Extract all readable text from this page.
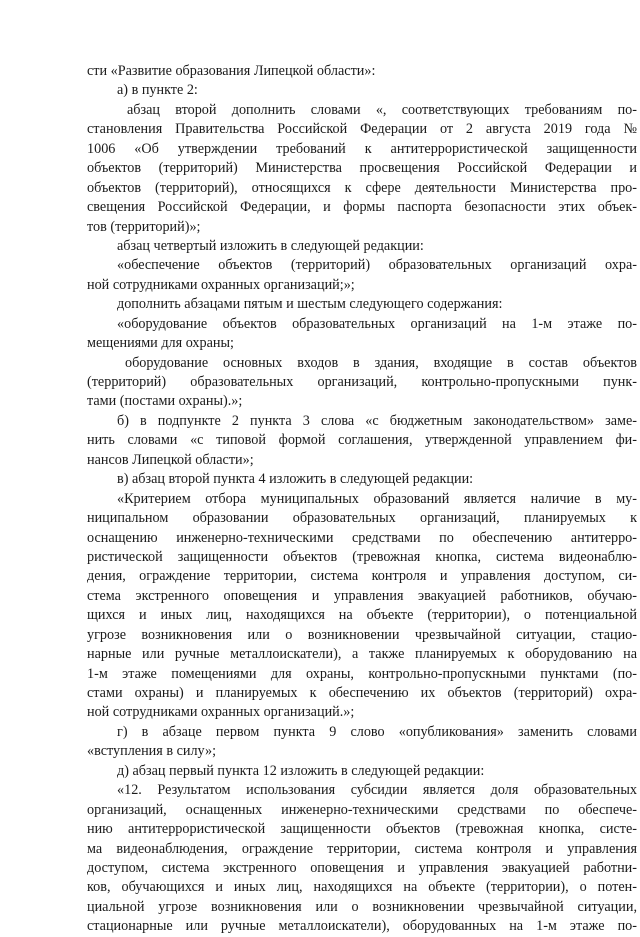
сти «Развитие образования Липецкой области»:
а) в пункте 2:
абзац второй дополнить словами «, соответствующих требованиям по-
становления Правительства Российской Федерации от 2 августа 2019 года №
1006 «Об утверждении требований к антитеррористической защищенности
объектов (территорий) Министерства просвещения Российской Федерации и
объектов (территорий), относящихся к сфере деятельности Министерства про-
свещения Российской Федерации, и формы паспорта безопасности этих объек-
тов (территорий)»;
абзац четвертый изложить в следующей редакции:
«обеспечение объектов (территорий) образовательных организаций охра-
ной сотрудниками охранных организаций;»;
дополнить абзацами пятым и шестым следующего содержания:
«оборудование объектов образовательных организаций на 1-м этаже по-
мещениями для охраны;
оборудование основных входов в здания, входящие в состав объектов
(территорий) образовательных организаций, контрольно-пропускными пунк-
тами (постами охраны).»;
б) в подпункте 2 пункта 3 слова «с бюджетным законодательством» заме-
нить словами «с типовой формой соглашения, утвержденной управлением фи-
нансов Липецкой области»;
в) абзац второй пункта 4 изложить в следующей редакции:
«Критерием отбора муниципальных образований является наличие в му-
ниципальном образовании образовательных организаций, планируемых к
оснащению инженерно-техническими средствами по обеспечению антитерро-
ристической защищенности объектов (тревожная кнопка, система видеонаблю-
дения, ограждение территории, система контроля и управления доступом, си-
стема экстренного оповещения и управления эвакуацией работников, обучаю-
щихся и иных лиц, находящихся на объекте (территории), о потенциальной
угрозе возникновения или о возникновении чрезвычайной ситуации, стацио-
нарные или ручные металлоискатели), а также планируемых к оборудованию на
1-м этаже помещениями для охраны, контрольно-пропускными пунктами (по-
стами охраны) и планируемых к обеспечению их объектов (территорий) охра-
ной сотрудниками охранных организаций.»;
г) в абзаце первом пункта 9 слово «опубликования» заменить словами
«вступления в силу»;
д) абзац первый пункта 12 изложить в следующей редакции:
«12. Результатом использования субсидии является доля образовательных
организаций, оснащенных инженерно-техническими средствами по обеспече-
нию антитеррористической защищенности объектов (тревожная кнопка, систе-
ма видеонаблюдения, ограждение территории, система контроля и управления
доступом, система экстренного оповещения и управления эвакуацией работни-
ков, обучающихся и иных лиц, находящихся на объекте (территории), о потен-
циальной угрозе возникновения или о возникновении чрезвычайной ситуации,
стационарные или ручные металлоискатели), оборудованных на 1-м этаже по-
